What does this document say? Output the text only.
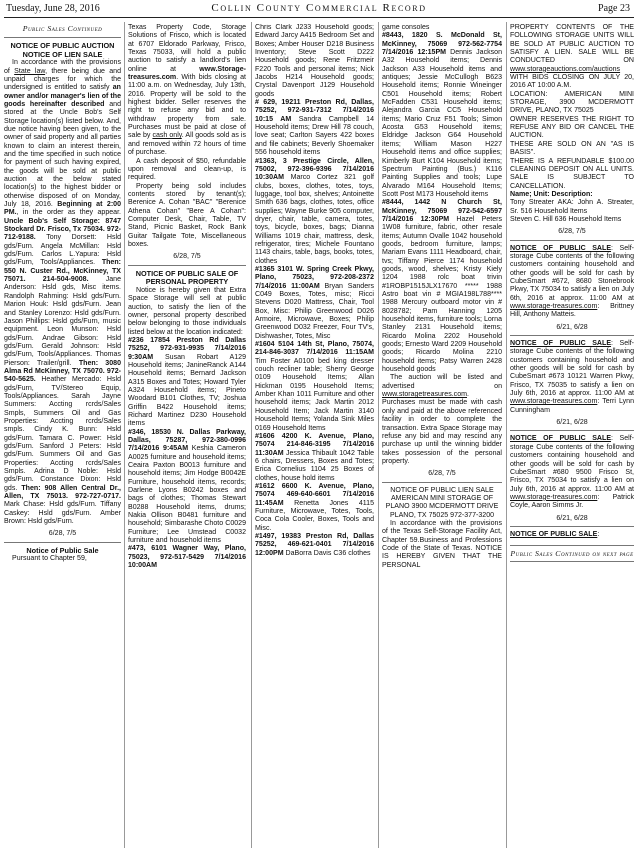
Tuesday, June 28, 2016	Collin County Commercial Record	Page 23
Public Sales Continued
NOTICE OF PUBLIC AUCTION NOTICE OF LIEN SALE

In accordance with the provisions of State law, there being due and unpaid charges for which the undersigned is entitled to satisfy an owner and/or manager's lien of the goods hereinafter described and stored at the Uncle Bob's Self Storage location(s) listed below. And, due notice having been given, to the owner of said property and all parties known to claim an interest therein, and the time specified in such notice for payment of such having expired, the goods will be sold at public auction at the below stated location(s) to the highest bidder or otherwise disposed of on Monday, July 18, 2016. Beginning at 2:00 PM., in the order as they appear. Uncle Bob's Self Storage: 8747 Stockard Dr. Frisco, Tx 75034. 972-712-9188. Tony Dorsett: Hsld gds/Furn. Angela McMillan: Hsld gds/Furn. Carlos L.Yapura: Hsld gds/Furn, Tools/Appliances. Then: 550 N. Custer Rd., McKinney, TX 75071. 214-504-9008. Jane Anderson: Hsld gds, Misc items. Randolph Rahming: Hsld gds/Furn. Marion Houk: Hsld gds/Furn. Jean and Stanley Lorenzo: Hsld gds/Furn. Jason Phillips: Hsld gds/Furn, music equipment. Leon Munson: Hsld gds/Furn. Andrae Gibson: Hsld gds/Furn. Gerald Johnson: Hsld gds/Furn, Tools/Appliances. Thomas Pierson: Trailer/grill. Then: 3080 Alma Rd McKinney, TX 75070. 972-540-5625. Heather Mercado: Hsld gds/Furn, TV/Stereo Equip, Tools/Appliances. Sarah Jayne Summers: Accting rcrds/Sales Smpls, Summers Oil and Gas Properties: Accting rcrds/Sales smpls. Cindy K. Bunn: Hsld gds/Furn. Tamara C. Power: Hsld gds/Furn. Sanford J Peters: Hsld gds/Furn. Summers Oil and Gas Properties: Accting rcrds/Sales Smpls. Adrina D Noble: Hsld gds/Furn. Constance Dixon: Hsld gds. Then: 908 Allen Central Dr., Allen, TX 75013. 972-727-0717. Mark Chase: Hsld gds/Furn. Tiffany Caskey: Hsld gds/Furn. Amber Brown: Hsld gds/Furn.

6/28, 7/5
Notice of Public Sale

Pursuant to Chapter 59,

Texas Property Code, Storage Solutions of Frisco, which is located at 6707 Eldorado Parkway, Frisco, Texas 75033, will hold a public auction to satisfy a landlord's lien online at www.Storage-treasures.com. With bids closing at 11:00 a.m. on Wednesday, July 13th, 2016. Property will be sold to the highest bidder. Seller reserves the right to refuse any bid and to withdraw property from sale. Purchases must be paid at close of sale by cash only. All goods sold as is and removed within 72 hours of time of purchase.

A cash deposit of $50, refundable upon removal and clean-up, is required.

Property being sold includes contents stored by tenant(s); Berenice A. Cohan "BAC" "Berenice Athena Cohan" "Bere A Cohan": Computer Desk, Chair, Table, TV Stand, Picnic Basket, Rock Bank Guitar Tailgate Tote, Miscellaneous boxes.

6/28, 7/5
NOTICE OF PUBLIC SALE OF PERSONAL PROPERTY

Notice is hereby given that Extra Space Storage will sell at public auction, to satisfy the lien of the owner, personal property described below belonging to those individuals listed below at the location indicated:

#236 17854 Preston Rd Dallas 75252, 972-931-9935 7/14/2016 9:30AM Susan Robart A129 Household items; JanineRanck A144 Household items; Bernard Jackson A315 Boxes and Totes; Howard Tyler A324 Household items; Pineto Woodard B101 Clothes, TV; Joshua Griffin B422 Household items; Richard Martinez D230 Household items

#346, 18530 N. Dallas Parkway, Dallas, 75287, 972-380-0996 7/14/2016 9:45AM Keshia Cameron A0025 furniture and household items; Ceaira Paxton B0013 furniture and household items; Jim Hodge B0042E Furniture, household items, records; Darlene Lyons B0242 boxes and bags of clothes; Thomas Stewart B0288 Household items, drums; Nakia Ollison B0481 furniture and household; Simbarashe Choto C0029 Furniture; Lee Umstead C0032 furniture and household items

#473, 6101 Wagner Way, Plano, 75023, 972-517-5429 7/14/2016 10:00AM

Chris Clark J233 Household goods; Edward Jarcy A415 Bedroom Set and Boxes; Amber Houser D218 Business Inventory; Steve Scott D222 Household goods; Rene Fritzmeir F220 Tools and personal items; Nick Jacobs H214 Household goods; Crystal Davenport J129 Household goods

# 629, 19211 Preston Rd, Dallas, 75252, 972-931-7312 7/14/2016 10:15 AM Sandra Campbell 14 Household items; Drew Hill 78 couch, love seat; Carlton Sayers 422 boxes and file cabinets; Beverly Shoemaker 556 household items

#1363, 3 Prestige Circle, Allen, 75002, 972-396-9396 7/14/2016 10:30AM Marco Cortez 321 golf clubs, boxes, clothes, totes, toys, luggage, tool box, shelves; Antoinette Smith 636 bags, clothes, totes, office supplies; Wayne Burke 905 computer, dryer, chair, table, camera, totes, toys, bicycle, boxes, bags; Dianna Williams 1019 chair, mattress, desk, refrigerator, tires; Michele Fountano 1143 chairs, table, bags, books, totes, clothes

#1365 3101 W. Spring Creek Pkwy, Plano, 75023, 972-208-2372 7/14/2016 11:00AM Bryan Sanders C049 Boxes, Totes, misc; Ricci Stevens D020 Mattress, Chair, Tool Box, Misc: Philip Greenwood D026 Armoire, Microwave, Boxes; Philip Greenwood D032 Freezer, Four TV's, Dishwasher, Totes, Misc

#1604 5104 14th St, Plano, 75074, 214-846-3037 7/14/2016 11:15AM Tim Foster A0100 bed king dresser couch recliner table; Sherry George 0109 Household Items; Allan Hickman 0195 Household Items; Amber Khan 1011 Furniture and other household items; Jack Martin 2012 Household Item; Jack Martin 3140 Household Items; Yolanda Sink Miles 0169 Household Items

#1606 4200 K. Avenue, Plano, 75074 214-846-3195 7/14/2016 11:30AM Jessica Thibault 1042 Table 6 chairs, Dressers, Boxes and Totes; Erica Cornelius 1104 25 Boxes of clothes, house hold items

#1612 6600 K. Avenue, Plano, 75074 469-640-6601 7/14/2016 11:45AM Renetta Jones 4115 Furniture, Microwave, Totes, Tools, Coca Cola Cooler, Boxes, Tools and Misc.

#1497, 19383 Preston Rd, Dallas 75252, 469-621-0401 7/14/2016 12:00PM DaBorra Davis C36 clothes

game consoles

#8443, 1820 S. McDonald St, McKinney, 75069 972-562-7754 7/14/2016 12:15PM Dennis Jackson A32 Household items; Dennis Jackson A33 Household items and antiques; Jessie McCullogh B623 Household items; Ronnie Wineinger C501 Household items; Robert McFadden C531 Household items; Alejandra Garcia CC5 Household items; Mario Cruz F51 Tools; Simon Acosta G53 Household items; Eldridge Jackson G64 Household items; William Mason H227 Household items and office supplies; Kimberly Burt K104 Household items; Spectrum Painting (Bus.) K116 Painting Supplies and tools; Lupe Alvarado M164 Household Items; Scott Post M173 Household items

#8444, 1442 N Church St, McKinney, 75069 972-542-6597 7/14/2016 12:30PM Hazel Peters 1W08 furniture, fabric, other resale items; Autumn Ovalle 1042 household goods, bedroom furniture, lamps; Mariam Evans 1111 Headboard, chair, tvs; Tiffany Pierce 1174 household goods, wood, shelves; Kristy Kiely 1204 1988 rolc boat trivin #1ROBP1515JLX17670 ***** 1988 Astro boat vin # MGIA198L788**** 1988 Mercury outboard motor vin # 8028782; Pam Hanning 1205 household items, furniture tools; Lorna Stanley 2131 Household items; Ricardo Molina 2202 Household goods; Ernesto Ward 2209 Household goods; Ricardo Molina 2210 household items; Patsy Warren 2428 household goods

The auction will be listed and advertised on www.storagetreasures.com. Purchases must be made with cash only and paid at the above referenced facility in order to complete the transaction. Extra Space Storage may refuse any bid and may rescind any purchase up until the winning bidder takes possession of the personal property.

6/28, 7/5
NOTICE OF PUBLIC LIEN SALE AMERICAN MINI STORAGE OF PLANO 3900 MCDERMOTT DRIVE PLANO, TX 75025 972-377-3200

In accordance with the provisions of the Texas Self-Storage Facility Act, Chapter 59.Business and Professions Code of the State of Texas. NOTICE IS HEREBY GIVEN THAT THE PERSONAL

PROPERTY CONTENTS OF THE FOLLOWING STORAGE UNITS WILL BE SOLD AT PUBLIC AUCTION TO SATISFY A LIEN. SALE WILL BE CONDUCTED ON www.storageauctions.com/auctions WITH BIDS CLOSING ON JULY 20, 2016 AT 10:00 A.M.

LOCATION: AMERICAN MINI STORAGE, 3900 MCDERMOTT DRIVE, PLANO, TX 75025

OWNER RESERVES THE RIGHT TO REFUSE ANY BID OR CANCEL THE AUCTION.

THESE ARE SOLD ON AN "AS IS BASIS".

THERE IS A REFUNDABLE $100.00 CLEANING DEPOSIT ON ALL UNITS. SALE IS SUBJECT TO CANCELLATION.

Name; Unit: Description:

Tony Streater AKA: John A. Streater, Sr. 516 Household Items

Steven C. Hill 636 Household Items

6/28, 7/5

NOTICE OF PUBLIC SALE: Self-storage Cube contents of the following customers containing household and other goods will be sold for cash by CubeSmart #672, 8680 Stonebrook Pkwy, TX 75034 to satisfy a lien on July 6th, 2016 at approx. 11:00 AM at www.storage-treasures.com: Brittney Hill, Anthony Matteis.

6/21, 6/28

NOTICE OF PUBLIC SALE: Self-storage Cube contents of the following customers containing household and other goods will be sold for cash by CubeSmart #673 10121 Warren Pkwy, Frisco, TX 75035 to satisfy a lien on July 6th, 2016 at approx. 11:00 AM at www.storage-treasures.com: Terri Lynn Cunningham

6/21, 6/28

NOTICE OF PUBLIC SALE: Self-storage Cube contents of the following customers containing household and other goods will be sold for cash by CubeSmart #680 9500 Frisco St, Frisco, TX 75034 to satisfy a lien on July 6th, 2016 at approx. 11:00 AM at www.storage-treasures.com: Patrick Coyle, Aaron Simms Jr.

6/21, 6/28

NOTICE OF PUBLIC SALE:

Public Sales Continued on next page
